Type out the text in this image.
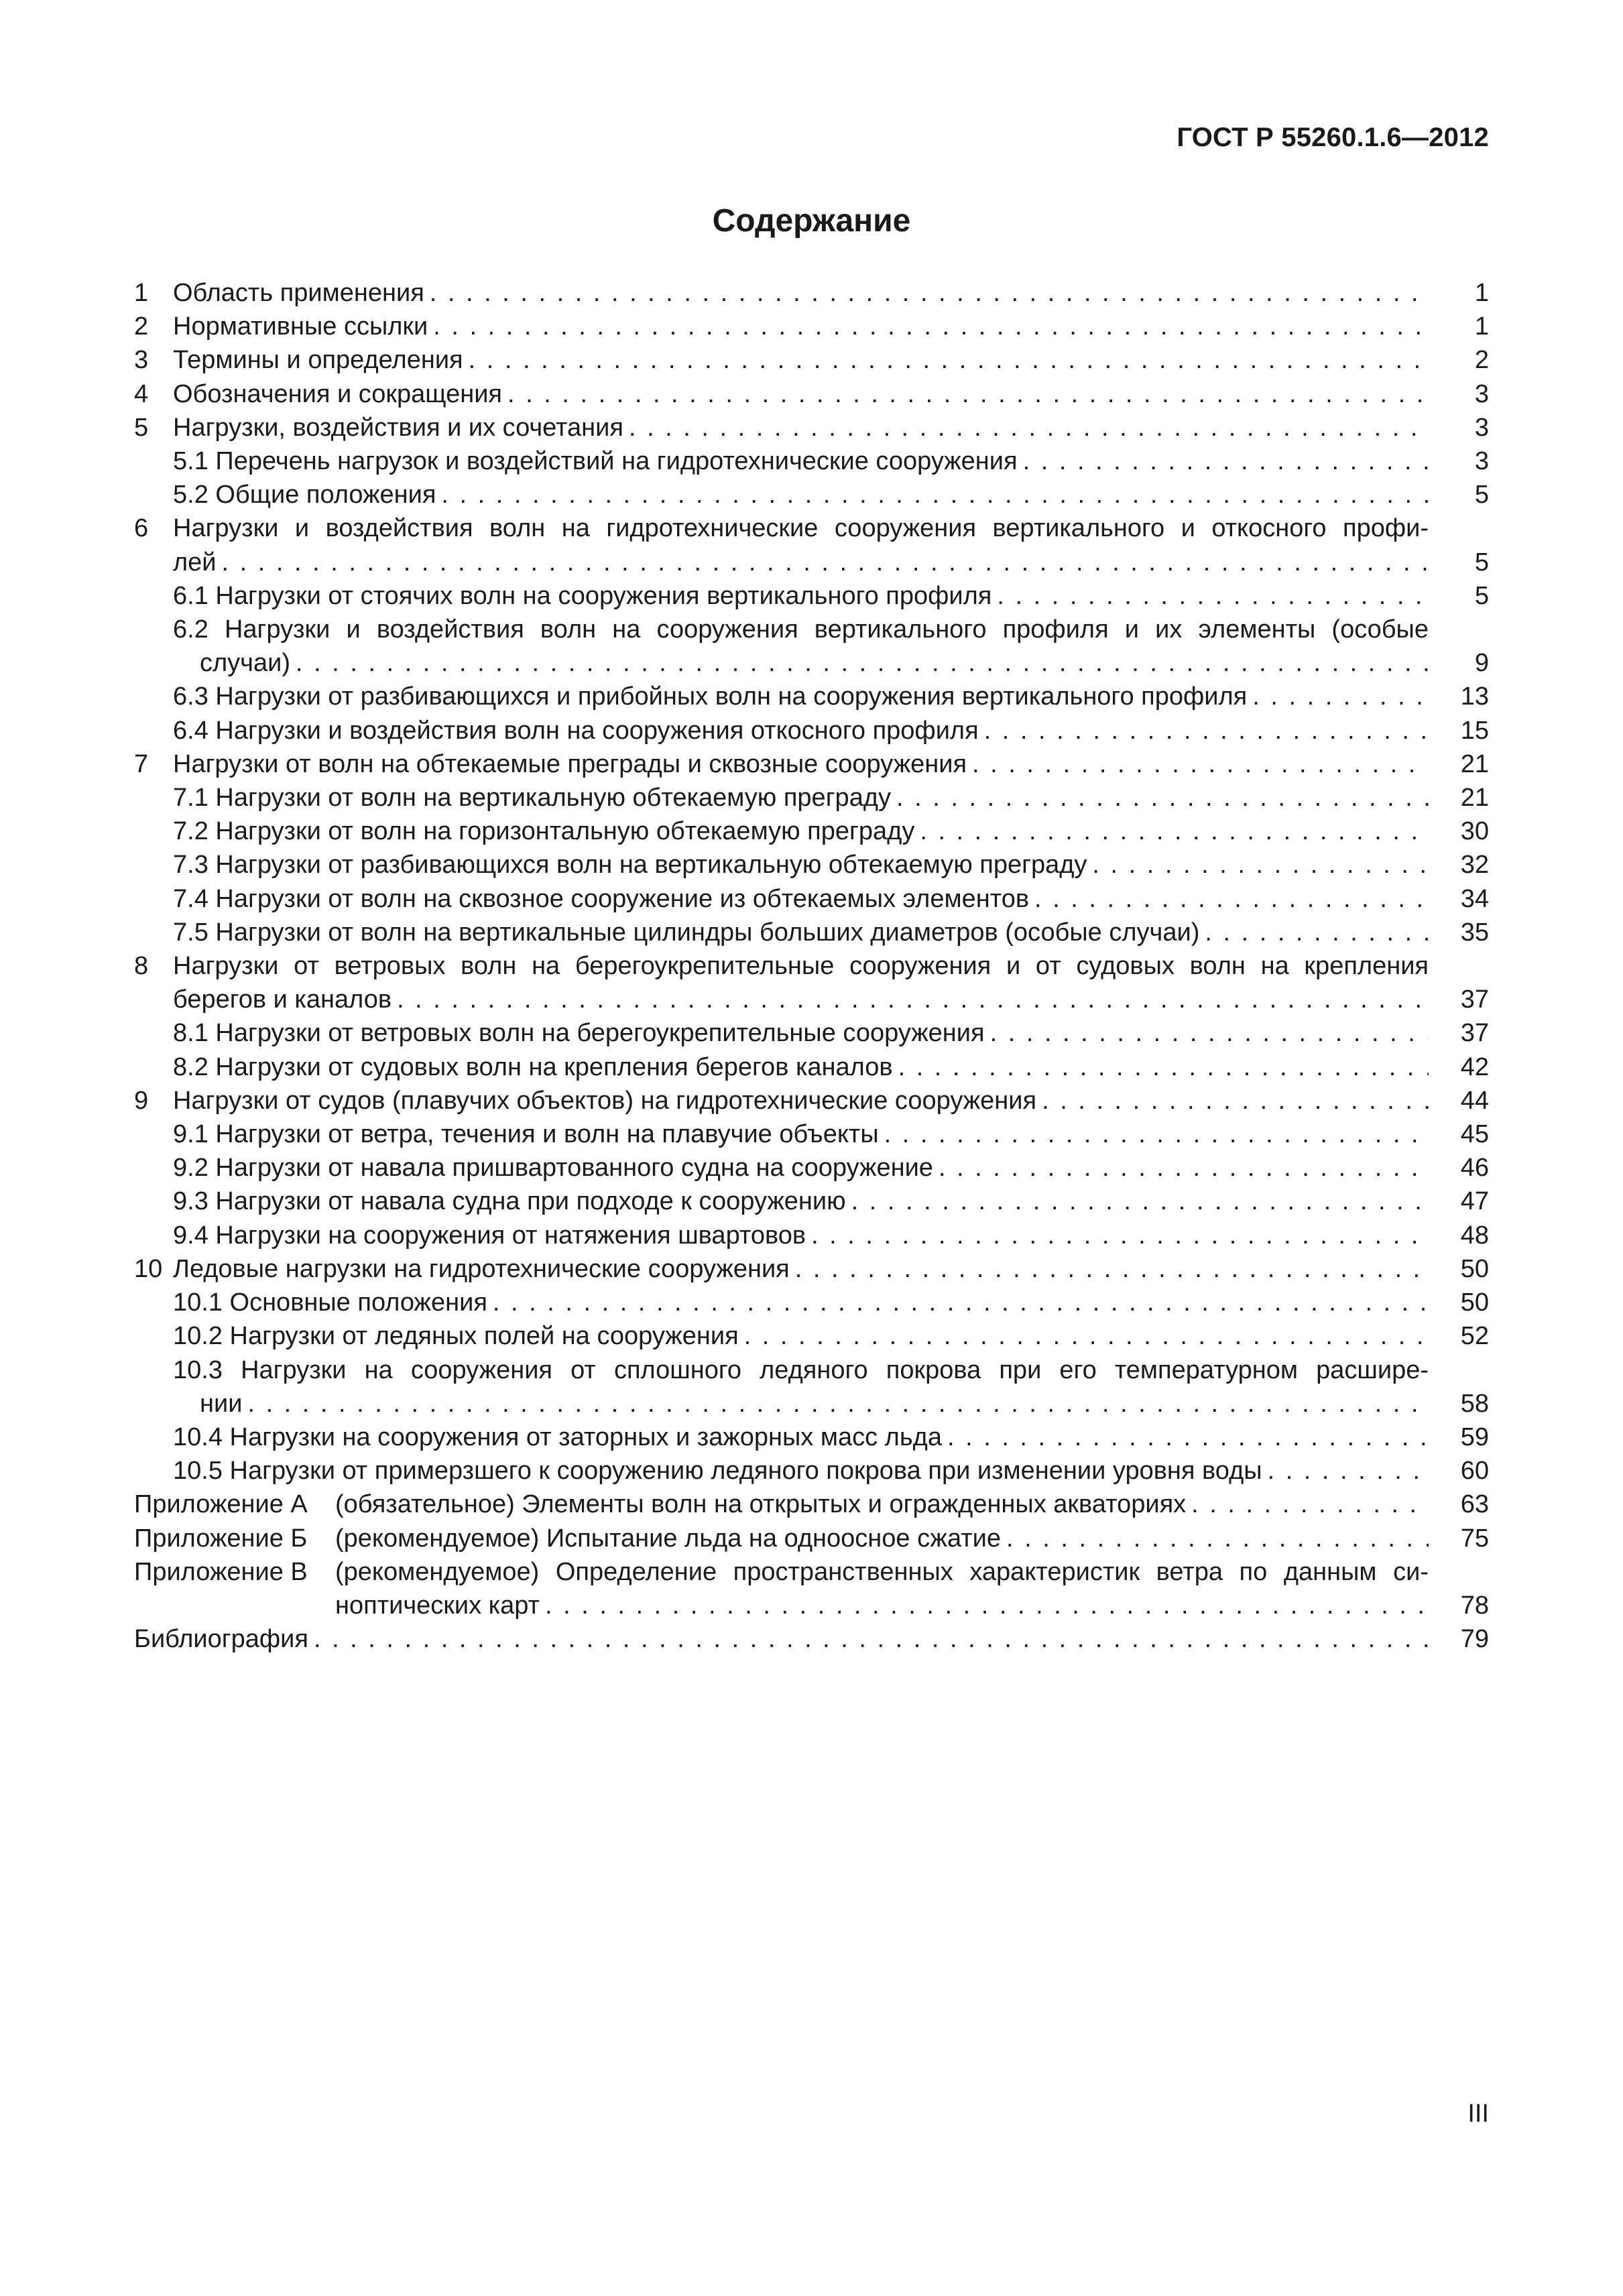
ГОСТ Р 55260.1.6—2012
Содержание
1 Область применения . . .	1
2 Нормативные ссылки . . .	1
3 Термины и определения . . .	2
4 Обозначения и сокращения . . .	3
5 Нагрузки, воздействия и их сочетания . . .	3
5.1 Перечень нагрузок и воздействий на гидротехнические сооружения . . .	3
5.2 Общие положения . . .	5
6 Нагрузки и воздействия волн на гидротехнические сооружения вертикального и откосного профи-
лей . . .	5
6.1 Нагрузки от стоячих волн на сооружения вертикального профиля . . .	5
6.2 Нагрузки и воздействия волн на сооружения вертикального профиля и их элементы (особые
случаи) . . .	9
6.3 Нагрузки от разбивающихся и прибойных волн на сооружения вертикального профиля . . .	13
6.4 Нагрузки и воздействия волн на сооружения откосного профиля . . .	15
7 Нагрузки от волн на обтекаемые преграды и сквозные сооружения . . .	21
7.1 Нагрузки от волн на вертикальную обтекаемую преграду . . .	21
7.2 Нагрузки от волн на горизонтальную обтекаемую преграду . . .	30
7.3 Нагрузки от разбивающихся волн на вертикальную обтекаемую преграду . . .	32
7.4 Нагрузки от волн на сквозное сооружение из обтекаемых элементов . . .	34
7.5 Нагрузки от волн на вертикальные цилиндры больших диаметров (особые случаи) . . .	35
8 Нагрузки от ветровых волн на берегоукрепительные сооружения и от судовых волн на крепления
берегов и каналов . . .	37
8.1 Нагрузки от ветровых волн на берегоукрепительные сооружения . . .	37
8.2 Нагрузки от судовых волн на крепления берегов каналов . . .	42
9 Нагрузки от судов (плавучих объектов) на гидротехнические сооружения . . .	44
9.1 Нагрузки от ветра, течения и волн на плавучие объекты . . .	45
9.2 Нагрузки от навала пришвартованного судна на сооружение . . .	46
9.3 Нагрузки от навала судна при подходе к сооружению . . .	47
9.4 Нагрузки на сооружения от натяжения швартовов . . .	48
10 Ледовые нагрузки на гидротехнические сооружения . . .	50
10.1 Основные положения . . .	50
10.2 Нагрузки от ледяных полей на сооружения . . .	52
10.3 Нагрузки на сооружения от сплошного ледяного покрова при его температурном расшире-
нии . . .	58
10.4 Нагрузки на сооружения от заторных и зажорных масс льда . . .	59
10.5 Нагрузки от примерзшего к сооружению ледяного покрова при изменении уровня воды . . .	60
Приложение А	(обязательное) Элементы волн на открытых и огражденных акваториях . . .	63
Приложение Б	(рекомендуемое) Испытание льда на одноосное сжатие . . .	75
Приложение В	(рекомендуемое) Определение пространственных характеристик ветра по данным си-
ноптических карт . . .	78
Библиография . . .	79
III
